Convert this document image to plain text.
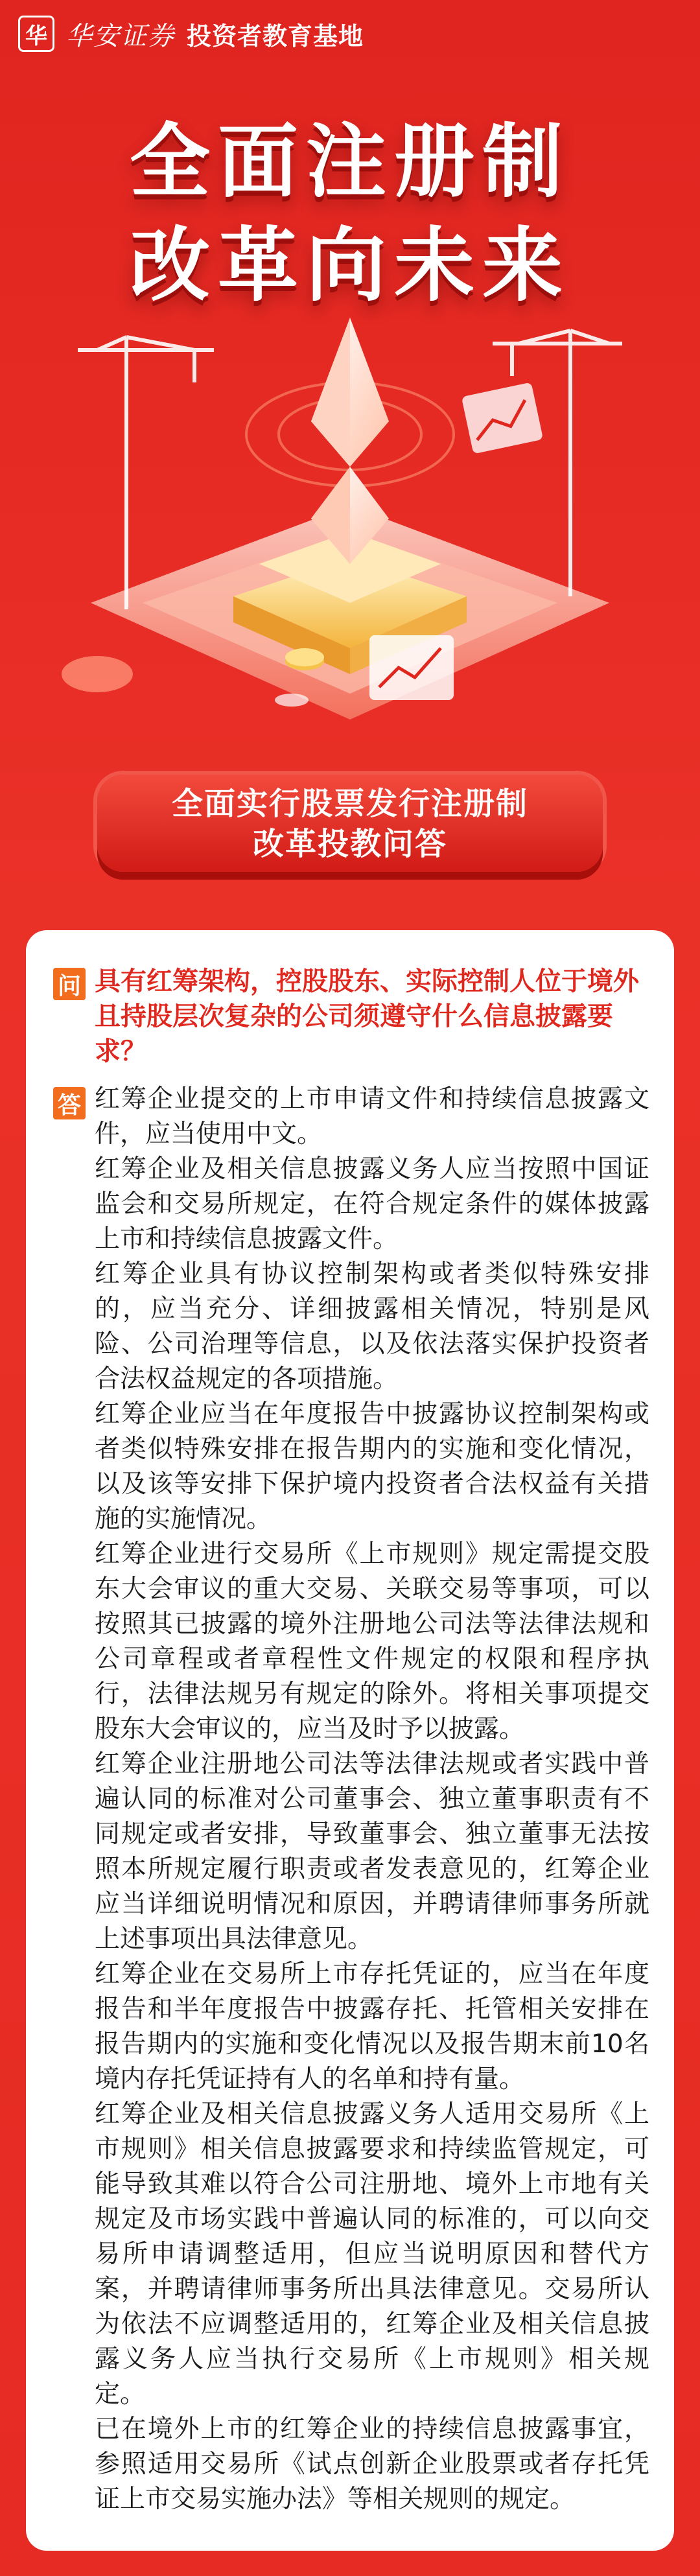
华 华安证券 投资者教育基地
全面注册制
改革向未来
全面实行股票发行注册制
改革投教问答
问 具有红筹架构，控股股东、实际控制人位于境外且持股层次复杂的公司须遵守什么信息披露要求？
答 红筹企业提交的上市申请文件和持续信息披露文件，应当使用中文。

红筹企业及相关信息披露义务人应当按照中国证监会和交易所规定，在符合规定条件的媒体披露上市和持续信息披露文件。

红筹企业具有协议控制架构或者类似特殊安排的，应当充分、详细披露相关情况，特别是风险、公司治理等信息，以及依法落实保护投资者合法权益规定的各项措施。

红筹企业应当在年度报告中披露协议控制架构或者类似特殊安排在报告期内的实施和变化情况，以及该等安排下保护境内投资者合法权益有关措施的实施情况。

红筹企业进行交易所《上市规则》规定需提交股东大会审议的重大交易、关联交易等事项，可以按照其已披露的境外注册地公司法等法律法规和公司章程或者章程性文件规定的权限和程序执行，法律法规另有规定的除外。将相关事项提交股东大会审议的，应当及时予以披露。

红筹企业注册地公司法等法律法规或者实践中普遍认同的标准对公司董事会、独立董事职责有不同规定或者安排，导致董事会、独立董事无法按照本所规定履行职责或者发表意见的，红筹企业应当详细说明情况和原因，并聘请律师事务所就上述事项出具法律意见。

红筹企业在交易所上市存托凭证的，应当在年度报告和半年度报告中披露存托、托管相关安排在报告期内的实施和变化情况以及报告期末前10名境内存托凭证持有人的名单和持有量。

红筹企业及相关信息披露义务人适用交易所《上市规则》相关信息披露要求和持续监管规定，可能导致其难以符合公司注册地、境外上市地有关规定及市场实践中普遍认同的标准的，可以向交易所申请调整适用，但应当说明原因和替代方案，并聘请律师事务所出具法律意见。交易所认为依法不应调整适用的，红筹企业及相关信息披露义务人应当执行交易所《上市规则》相关规定。

已在境外上市的红筹企业的持续信息披露事宜，参照适用交易所《试点创新企业股票或者存托凭证上市交易实施办法》等相关规则的规定。
